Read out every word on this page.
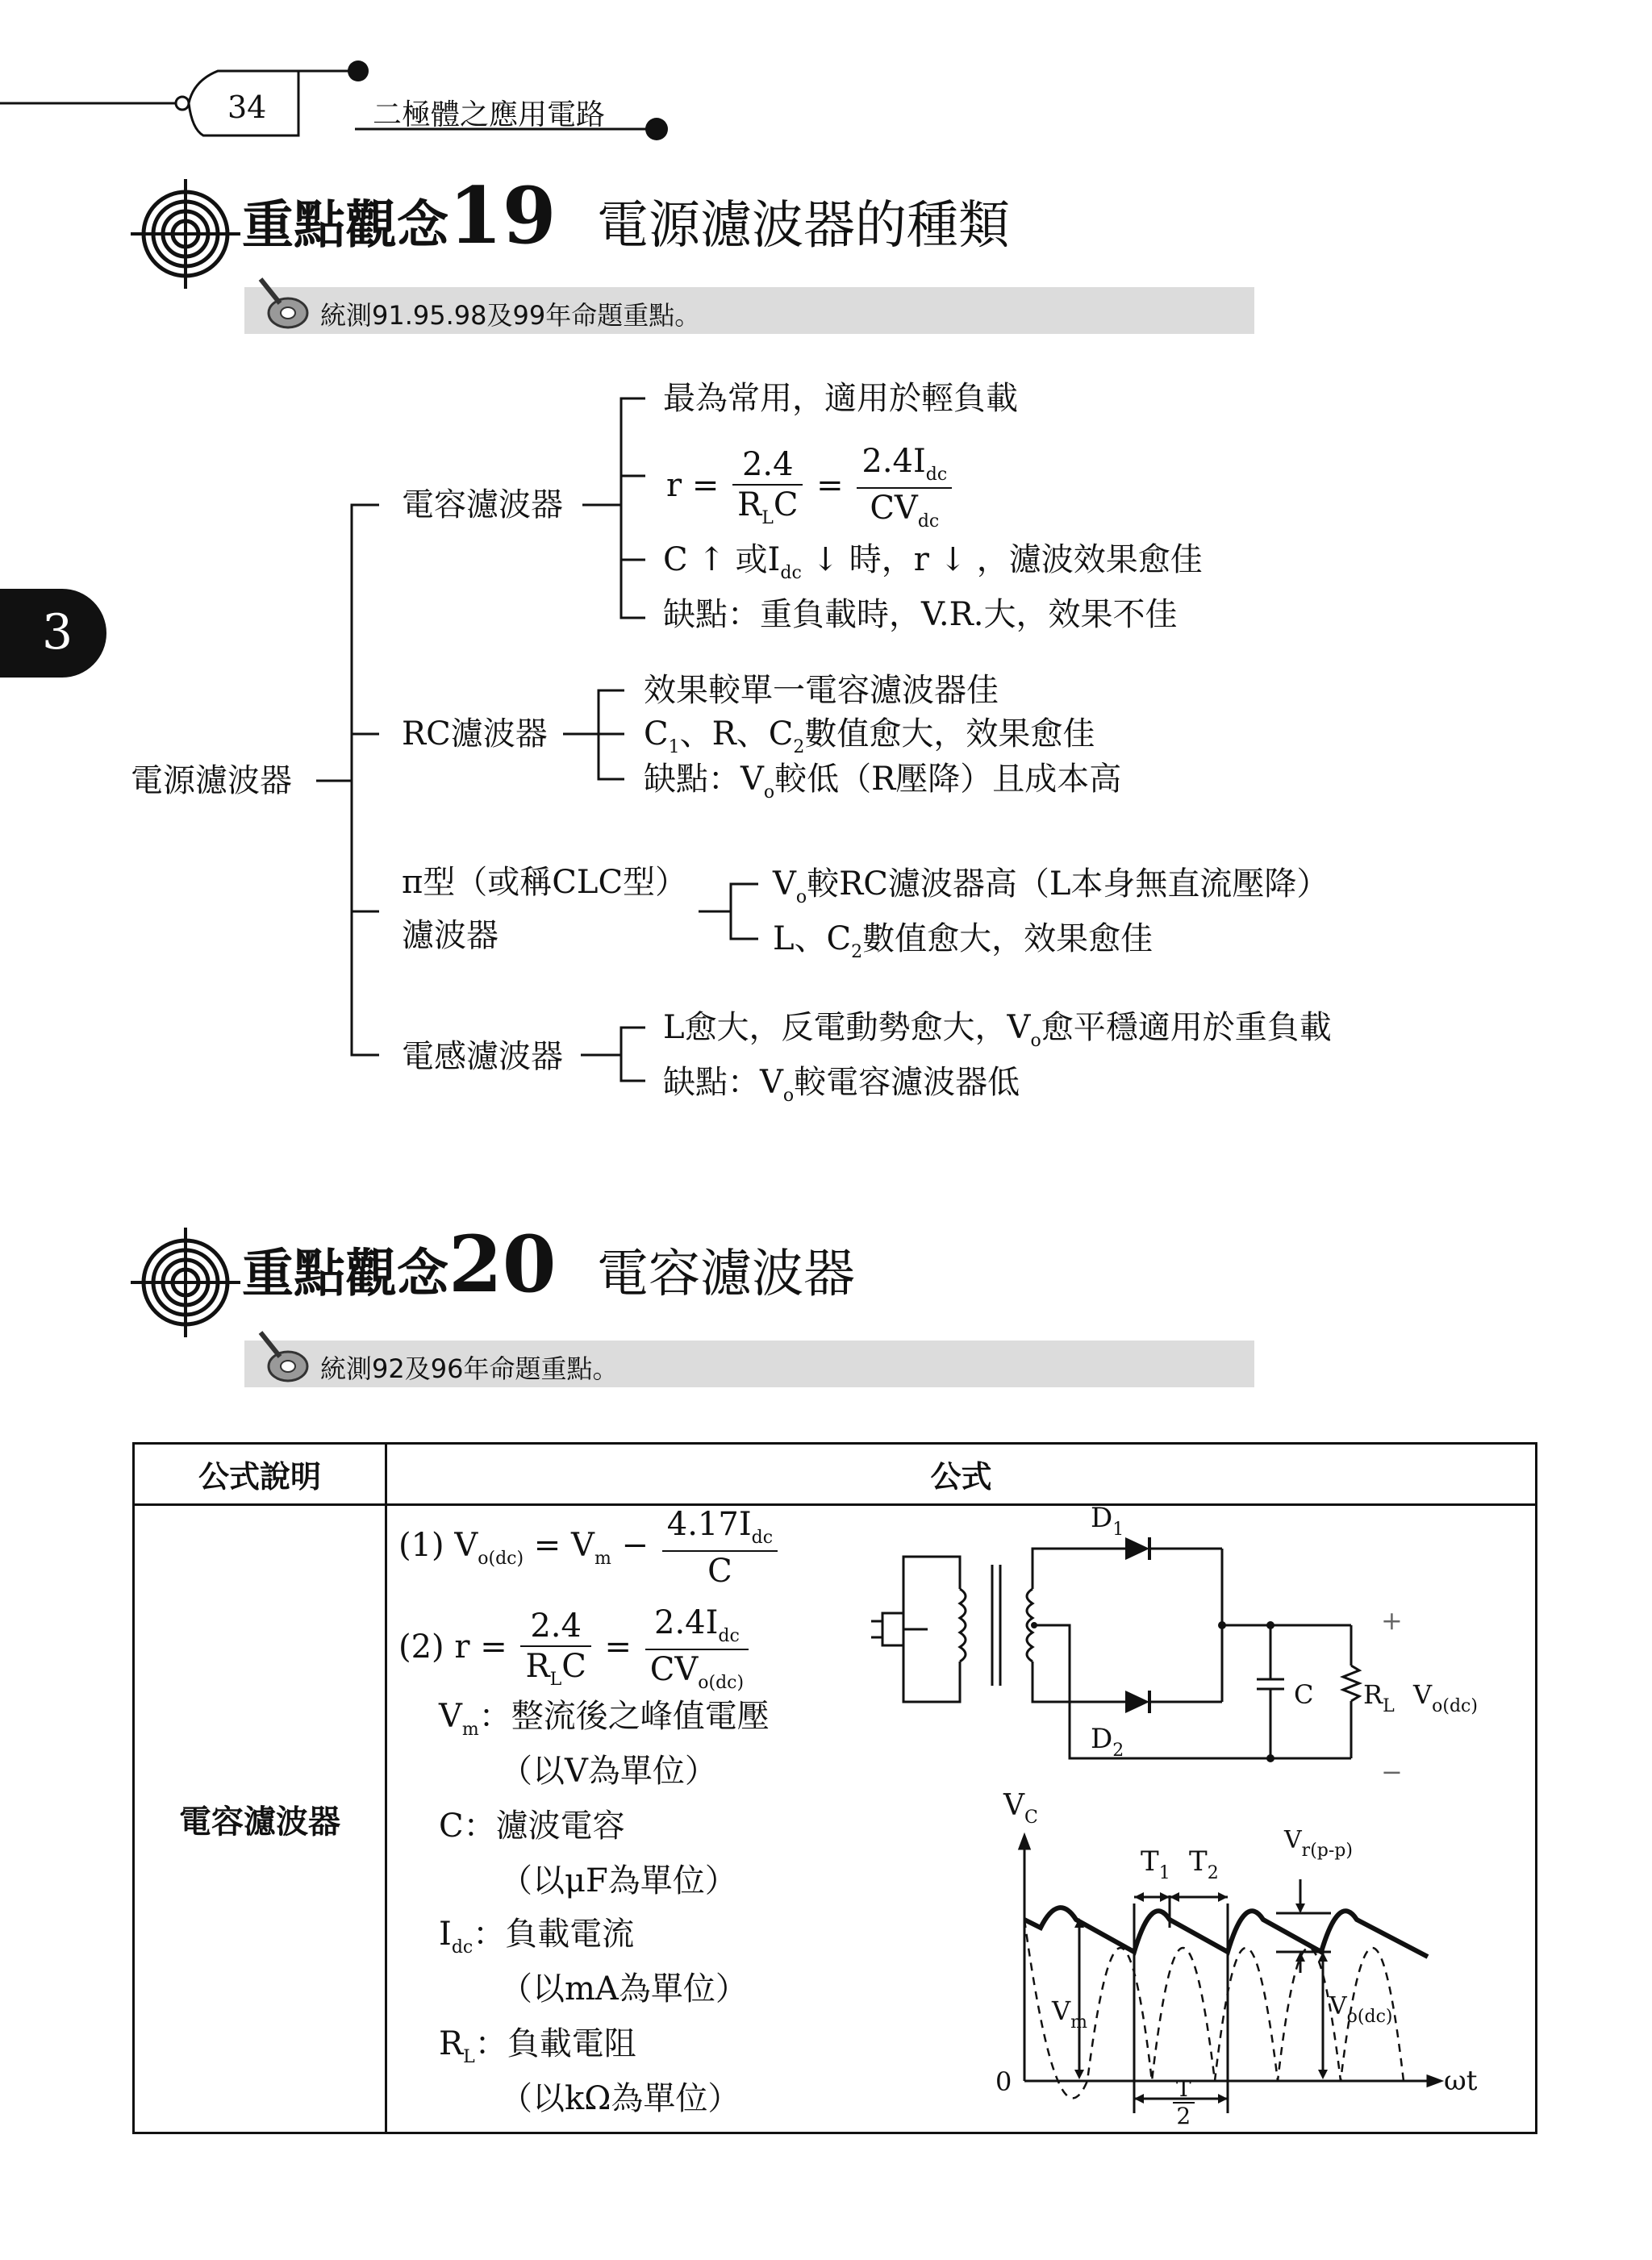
34	二極體之應用電路
3
重點觀念19 電源濾波器的種類
統測91.95.98及99年命題重點。
電源濾波器
電容濾波器
最為常用，適用於輕負載
$r = \frac{2.4}{R_LC} = \frac{2.4I_{dc}}{CV_{dc}}$
C ↑ 或$I_{dc}$ ↓ 時，r ↓ ，濾波效果愈佳
缺點：重負載時，V.R.大，效果不佳
RC濾波器
效果較單一電容濾波器佳
$C_1$、R、$C_2$數值愈大，效果愈佳
缺點：$V_o$較低（R壓降）且成本高
π型（或稱CLC型）
濾波器
$V_o$較RC濾波器高（L本身無直流壓降）
L、$C_2$數值愈大，效果愈佳
電感濾波器
L愈大，反電動勢愈大，$V_o$愈平穩適用於重負載
缺點：$V_o$較電容濾波器低
重點觀念20 電容濾波器
統測92及96年命題重點。
公式說明	公式
電容濾波器	
(1) $V_{o(dc)} = V_m - \frac{4.17I_{dc}}{C}$
(2) $r = \frac{2.4}{R_LC} = \frac{2.4I_{dc}}{CV_{o(dc)}}$
$V_m$：整流後之峰值電壓
（以V為單位）
C：濾波電容
（以μF為單位）
$I_{dc}$：負載電流
（以mA為單位）
$R_L$：負載電阻
（以kΩ為單位）
$D_1$
$D_2$
C $R_L$ $V_{o(dc)}$
+
−
$V_C$
$T_1$ $T_2$
$V_{r(p-p)}$
$V_m$
$V_{o(dc)}$
0	ωt
T
2
